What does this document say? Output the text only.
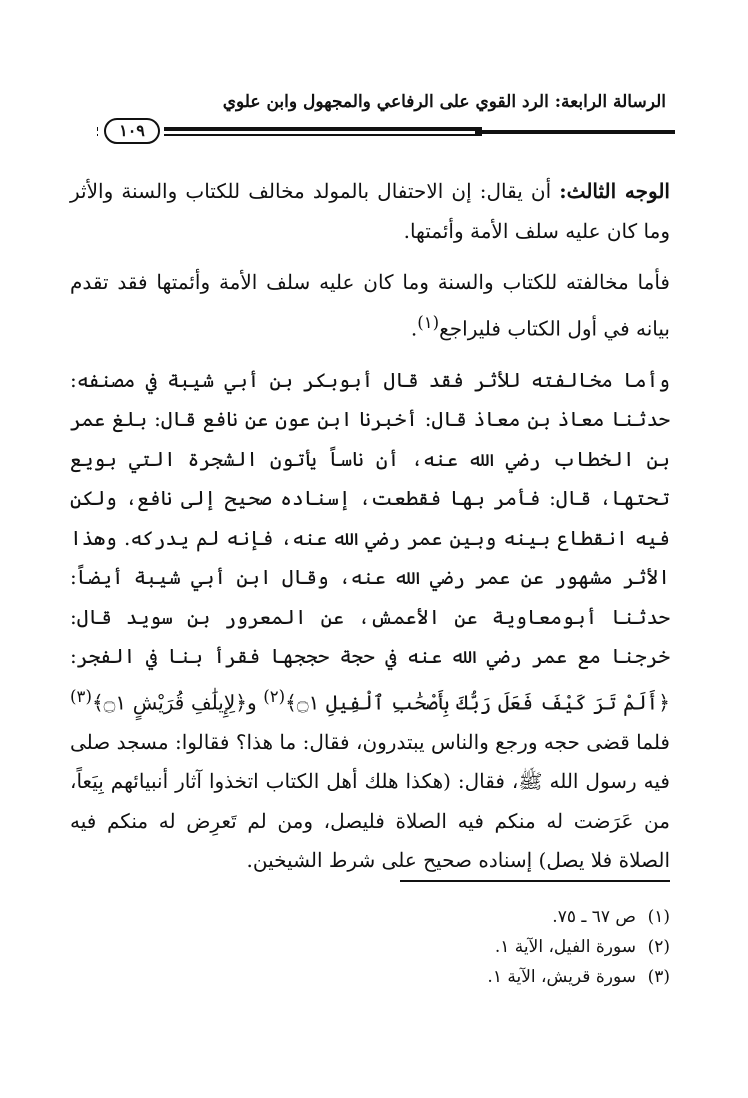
الرسالة الرابعة: الرد القوي على الرفاعي والمجهول وابن علوي
١٠٩

الوجه الثالث: أن يقال: إن الاحتفال بالمولد مخالف للكتاب والسنة والأثر وما كان عليه سلف الأمة وأئمتها.

فأما مخالفته للكتاب والسنة وما كان عليه سلف الأمة وأئمتها فقد تقدم بيانه في أول الكتاب فليراجع$^{(١)}$.

وأما مخالفته للأثر فقد قال أبوبكر بن أبي شيبة في مصنفه: حدثنا معاذ بن معاذ قال: أخبرنا ابن عون عن نافع قال: بلغ عمر بن الخطاب رضي الله عنه، أن ناساً يأتون الشجرة التي بويع تحتها، قال: فأمر بها فقطعت، إسناده صحيح إلى نافع، ولكن فيه انقطاع بينه وبين عمر رضي الله عنه، فإنه لم يدركه. وهذا الأثر مشهور عن عمر رضي الله عنه، وقال ابن أبي شيبة أيضاً: حدثنا أبومعاوية عن الأعمش، عن المعرور بن سويد قال: خرجنا مع عمر رضي الله عنه في حجة حججها فقرأ بنا في الفجر: ﴿أَلَمْ تَرَ كَيْفَ فَعَلَ رَبُّكَ بِأَصْحَٰبِ ٱلْفِيلِ ۝١﴾$^{(٢)}$ و﴿لِإِيلَٰفِ قُرَيْشٍ ۝١﴾$^{(٣)}$ فلما قضى حجه ورجع والناس يبتدرون، فقال: ما هذا؟ فقالوا: مسجد صلى فيه رسول الله ﷺ، فقال: (هكذا هلك أهل الكتاب اتخذوا آثار أنبيائهم بِيَعاً، من عَرَضت له منكم فيه الصلاة فليصل، ومن لم تَعرِض له منكم فيه الصلاة فلا يصل) إسناده صحيح على شرط الشيخين.

(١)ص ٦٧ ـ ٧٥.
(٢)سورة الفيل، الآية ١.
(٣)سورة قريش، الآية ١.
